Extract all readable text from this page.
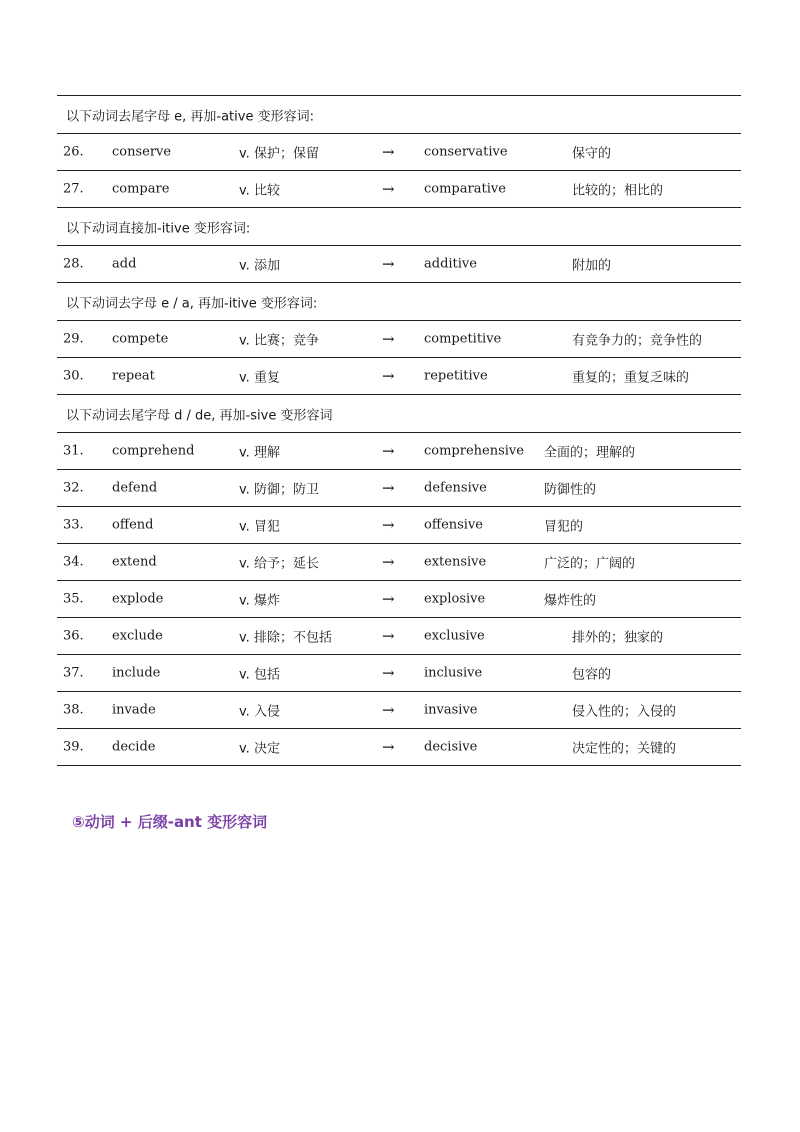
以下动词去尾字母 e, 再加-ative 变形容词:
26. conserve	v. 保护；保留	→ conservative	保守的
27. compare	v. 比较	→ comparative	比较的；相比的
以下动词直接加-itive 变形容词:
28. add	v. 添加	→ additive	附加的
以下动词去字母 e / a, 再加-itive 变形容词:
29. compete	v. 比赛；竞争	→ competitive	有竞争力的；竞争性的
30. repeat	v. 重复	→ repetitive	重复的；重复乏味的
以下动词去尾字母 d / de, 再加-sive 变形容词
31. comprehend	v. 理解	→ comprehensive 全面的；理解的
32. defend	v. 防御；防卫	→ defensive	防御性的
33. offend	v. 冒犯	→ offensive	冒犯的
34. extend	v. 给予；延长	→ extensive	广泛的；广阔的
35. explode	v. 爆炸	→ explosive	爆炸性的
36. exclude	v. 排除；不包括	→ exclusive	排外的；独家的
37. include	v. 包括	→ inclusive	包容的
38. invade	v. 入侵	→ invasive	侵入性的；入侵的
39. decide	v. 决定	→ decisive	决定性的；关键的
⑤动词 + 后缀-ant 变形容词
